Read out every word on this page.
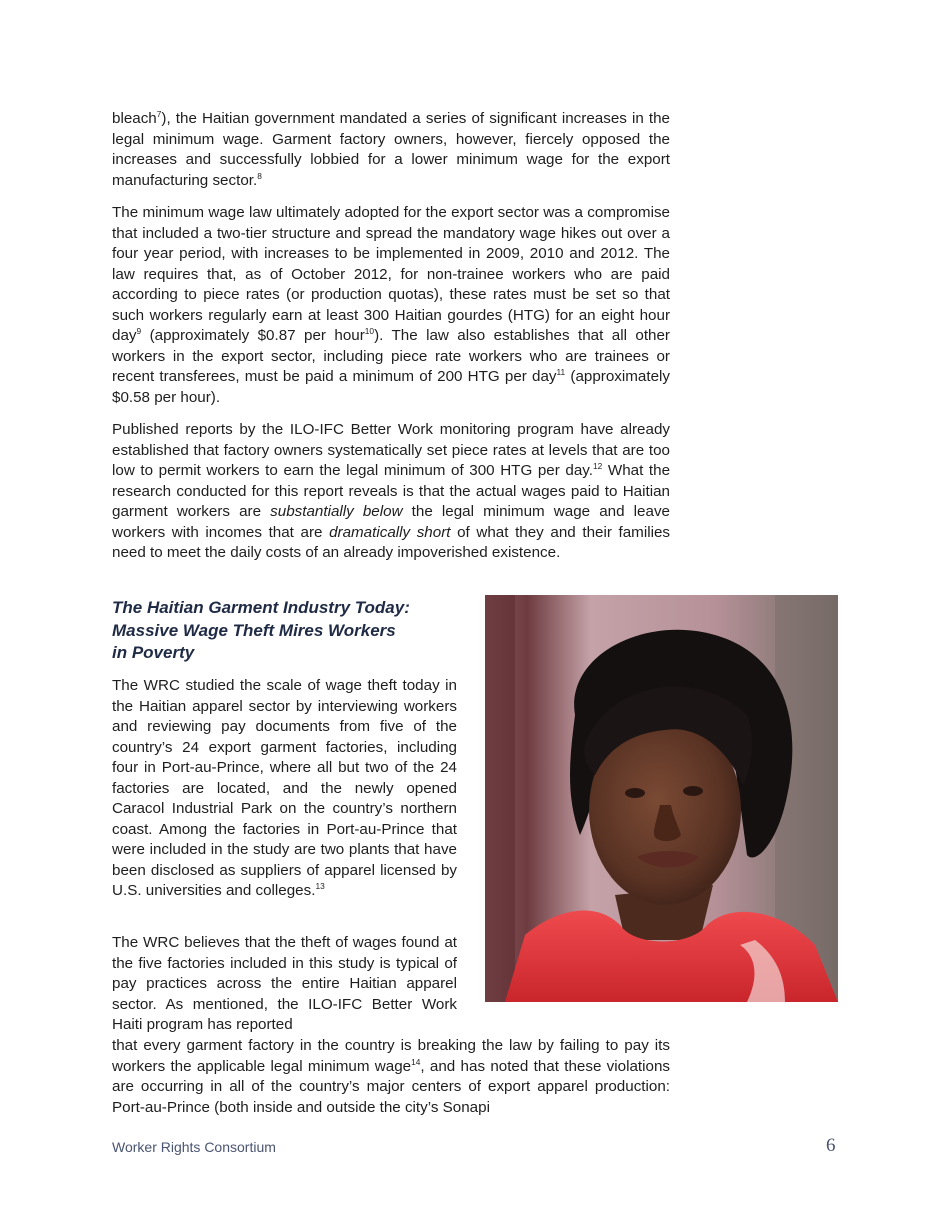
bleach$^7$), the Haitian government mandated a series of significant increases in the legal minimum wage. Garment factory owners, however, fiercely opposed the increases and successfully lobbied for a lower minimum wage for the export manufacturing sector.$^8$

The minimum wage law ultimately adopted for the export sector was a compromise that included a two-tier structure and spread the mandatory wage hikes out over a four year period, with increases to be implemented in 2009, 2010 and 2012. The law requires that, as of October 2012, for non-trainee workers who are paid according to piece rates (or production quotas), these rates must be set so that such workers regularly earn at least 300 Haitian gourdes (HTG) for an eight hour day$^9$ (approximately $0.87 per hour$^{10}$). The law also establishes that all other workers in the export sector, including piece rate workers who are trainees or recent transferees, must be paid a minimum of 200 HTG per day$^{11}$ (approximately $0.58 per hour).

Published reports by the ILO-IFC Better Work monitoring program have already established that factory owners systematically set piece rates at levels that are too low to permit workers to earn the legal minimum of 300 HTG per day.$^{12}$ What the research conducted for this report reveals is that the actual wages paid to Haitian garment workers are substantially below the legal minimum wage and leave workers with incomes that are dramatically short of what they and their families need to meet the daily costs of an already impoverished existence.

The Haitian Garment Industry Today:
Massive Wage Theft Mires Workers
in Poverty

The WRC studied the scale of wage theft today in the Haitian apparel sector by interviewing workers and reviewing pay documents from five of the country’s 24 export garment factories, including four in Port-au-Prince, where all but two of the 24 factories are located, and the newly opened Caracol Industrial Park on the country’s northern coast. Among the factories in Port-au-Prince that were included in the study are two plants that have been disclosed as suppliers of apparel licensed by U.S. universities and colleges.$^{13}$

The WRC believes that the theft of wages found at the five factories included in this study is typical of pay practices across the entire Haitian apparel sector. As mentioned, the ILO-IFC Better Work Haiti program has reported

that every garment factory in the country is breaking the law by failing to pay its workers the applicable legal minimum wage$^{14}$, and has noted that these violations are occurring in all of the country’s major centers of export apparel production: Port-au-Prince (both inside and outside the city’s Sonapi

Worker Rights Consortium	6
